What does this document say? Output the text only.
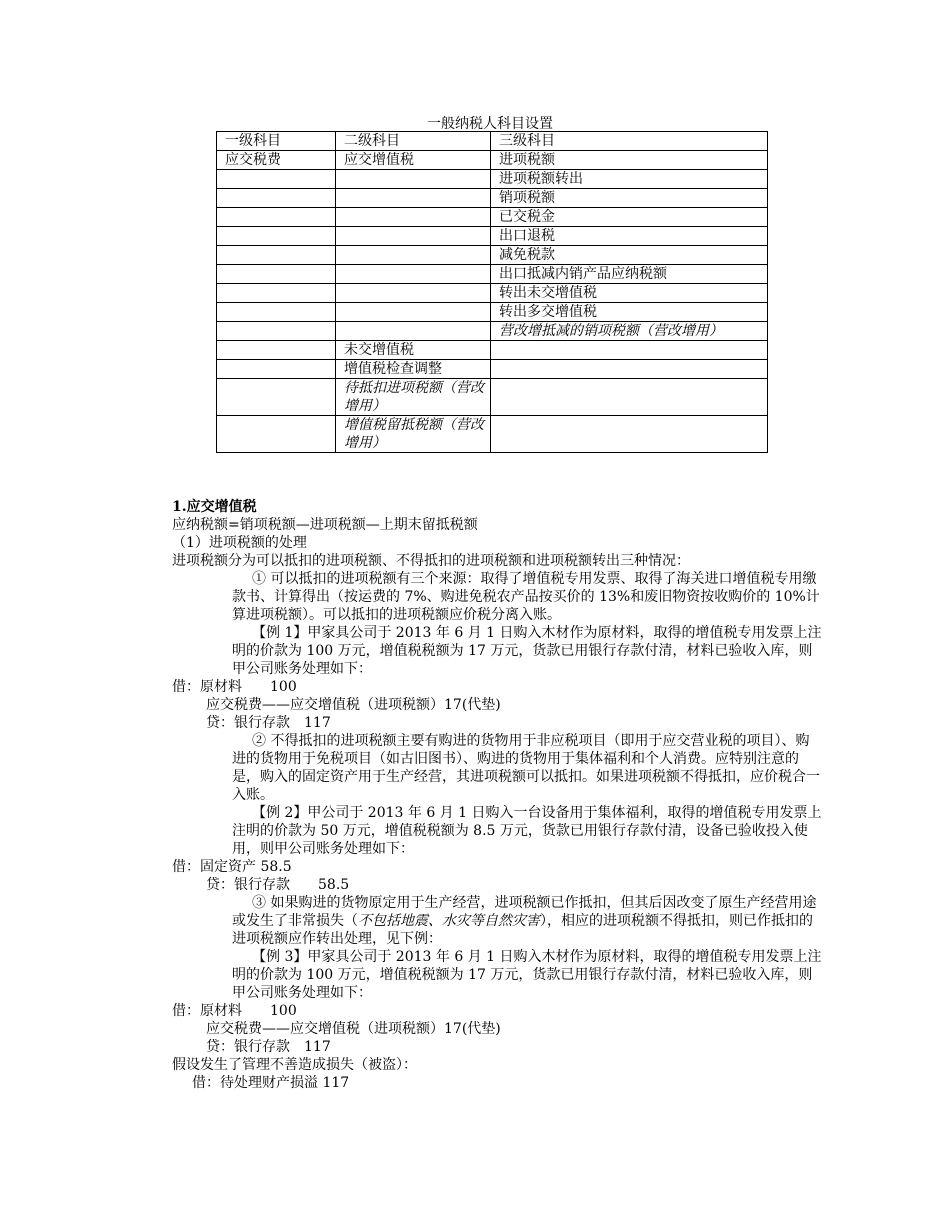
一般纳税人科目设置
一级科目	二级科目	三级科目
应交税费	应交增值税	进项税额
		进项税额转出
		销项税额
		已交税金
		出口退税
		减免税款
		出口抵减内销产品应纳税额
		转出未交增值税
		转出多交增值税
		营改增抵减的销项税额（营改增用）
	未交增值税	
	增值税检查调整	
	待抵扣进项税额（营改增用）	
	增值税留抵税额（营改增用）	

1.应交增值税

应纳税额=销项税额—进项税额—上期末留抵税额

（1）进项税额的处理

进项税额分为可以抵扣的进项税额、不得抵扣的进项税额和进项税额转出三种情况：

① 可以抵扣的进项税额有三个来源：取得了增值税专用发票、取得了海关进口增值税专用缴款书、计算得出（按运费的 7%、购进免税农产品按买价的 13%和废旧物资按收购价的 10%计算进项税额）。可以抵扣的进项税额应价税分离入账。

【例 1】甲家具公司于 2013 年 6 月 1 日购入木材作为原材料，取得的增值税专用发票上注明的价款为 100 万元，增值税税额为 17 万元，货款已用银行存款付清，材料已验收入库，则甲公司账务处理如下：

借：原材料　　100

应交税费——应交增值税（进项税额）17(代垫)

贷：银行存款　117

② 不得抵扣的进项税额主要有购进的货物用于非应税项目（即用于应交营业税的项目）、购进的货物用于免税项目（如古旧图书）、购进的货物用于集体福利和个人消费。应特别注意的是，购入的固定资产用于生产经营，其进项税额可以抵扣。如果进项税额不得抵扣，应价税合一入账。

【例 2】甲公司于 2013 年 6 月 1 日购入一台设备用于集体福利，取得的增值税专用发票上注明的价款为 50 万元，增值税税额为 8.5 万元，货款已用银行存款付清，设备已验收投入使用，则甲公司账务处理如下：

借：固定资产 58.5

贷：银行存款　　58.5

③ 如果购进的货物原定用于生产经营，进项税额已作抵扣，但其后因改变了原生产经营用途或发生了非常损失（不包括地震、水灾等自然灾害），相应的进项税额不得抵扣，则已作抵扣的进项税额应作转出处理，见下例：

【例 3】甲家具公司于 2013 年 6 月 1 日购入木材作为原材料，取得的增值税专用发票上注明的价款为 100 万元，增值税税额为 17 万元，货款已用银行存款付清，材料已验收入库，则甲公司账务处理如下：

借：原材料　　100

应交税费——应交增值税（进项税额）17(代垫)

贷：银行存款　117

假设发生了管理不善造成损失（被盗）：

借：待处理财产损溢 117
